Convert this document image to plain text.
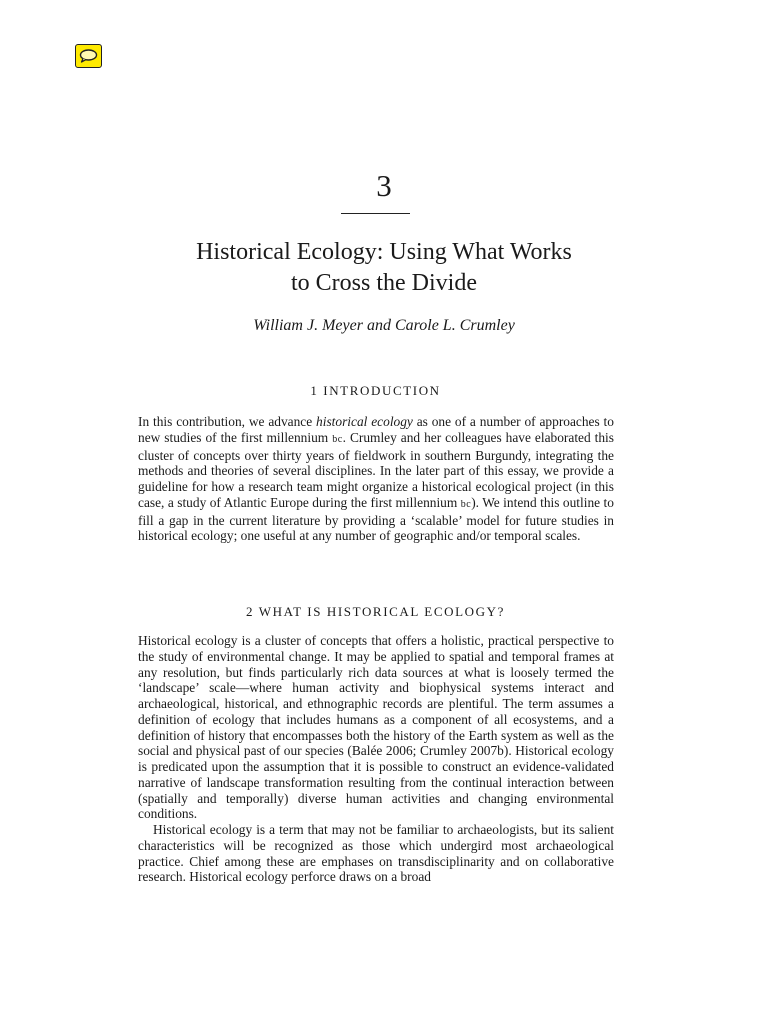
3
Historical Ecology: Using What Works
to Cross the Divide
William J. Meyer and Carole L. Crumley
1 INTRODUCTION

In this contribution, we advance historical ecology as one of a number of approaches to new studies of the first millennium bc. Crumley and her colleagues have elaborated this cluster of concepts over thirty years of fieldwork in southern Burgundy, integrating the methods and theories of several disciplines. In the later part of this essay, we provide a guideline for how a research team might organize a historical ecological project (in this case, a study of Atlantic Europe during the first millennium bc). We intend this outline to fill a gap in the current literature by providing a ‘scalable’ model for future studies in historical ecology; one useful at any number of geographic and/or temporal scales.

2 WHAT IS HISTORICAL ECOLOGY?

Historical ecology is a cluster of concepts that offers a holistic, practical perspective to the study of environmental change. It may be applied to spatial and temporal frames at any resolution, but finds particularly rich data sources at what is loosely termed the ‘landscape’ scale—where human activity and biophysical systems interact and archaeological, historical, and ethnographic records are plentiful. The term assumes a definition of ecology that includes humans as a component of all ecosystems, and a definition of history that encompasses both the history of the Earth system as well as the social and physical past of our species (Balée 2006; Crumley 2007b). Historical ecology is predicated upon the assumption that it is possible to construct an evidence-validated narrative of landscape transformation resulting from the continual interaction between (spatially and temporally) diverse human activities and changing environmental conditions.

Historical ecology is a term that may not be familiar to archaeologists, but its salient characteristics will be recognized as those which undergird most archaeological practice. Chief among these are emphases on transdisciplinarity and on collaborative research. Historical ecology perforce draws on a broad
